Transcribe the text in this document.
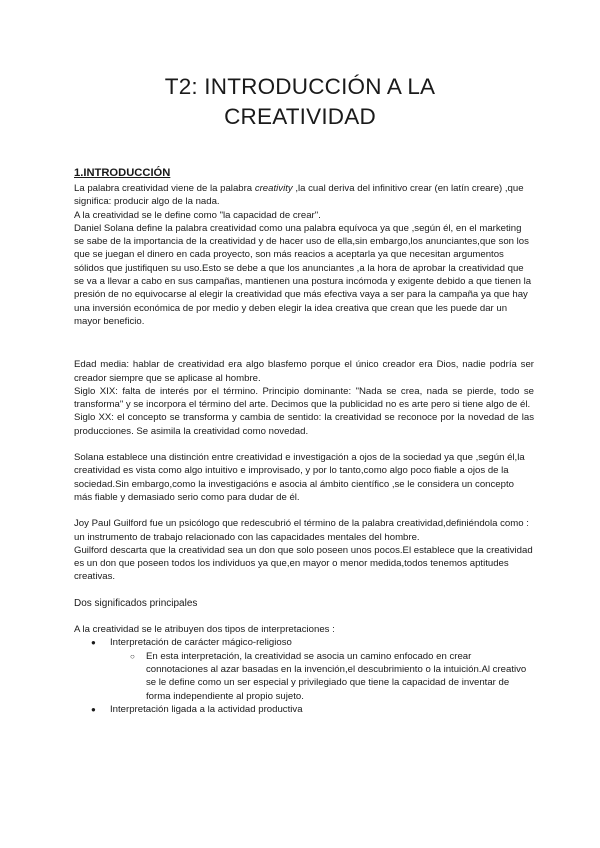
T2: INTRODUCCIÓN A LA
CREATIVIDAD
1.INTRODUCCIÓN

La palabra creatividad viene de la palabra creativity ,la cual deriva del infinitivo crear (en latín creare) ,que significa: producir algo de la nada.

A la creatividad se le define como "la capacidad de crear".

Daniel Solana define la palabra creatividad como una palabra equívoca ya que ,según él, en el marketing se sabe de la importancia de la creatividad y de hacer uso de ella,sin embargo,los anunciantes,que son los que se juegan el dinero en cada proyecto, son más reacios a aceptarla ya que necesitan argumentos sólidos que justifiquen su uso.Esto se debe a que los anunciantes ,a la hora de aprobar la creatividad que se va a llevar a cabo en sus campañas, mantienen una postura incómoda y exigente debido a que tienen la presión de no equivocarse al elegir la creatividad que más efectiva vaya a ser para la campaña ya que hay una inversión económica de por medio y deben elegir la idea creativa que crean que les puede dar un mayor beneficio.

Edad media: hablar de creatividad era algo blasfemo porque el único creador era Dios, nadie podría ser creador siempre que se aplicase al hombre.

Siglo XIX: falta de interés por el término. Principio dominante: "Nada se crea, nada se pierde, todo se transforma" y se incorpora el término del arte. Decimos que la publicidad no es arte pero si tiene algo de él.

Siglo XX: el concepto se transforma y cambia de sentido: la creatividad se reconoce por la novedad de las producciones. Se asimila la creatividad como novedad.

Solana establece una distinción entre creatividad e investigación a ojos de la sociedad ya que ,según él,la creatividad es vista como algo intuitivo e improvisado, y por lo tanto,como algo poco fiable a ojos de la sociedad.Sin embargo,como la investigacións e asocia al ámbito científico ,se le considera un concepto más fiable y demasiado serio como para dudar de él.

Joy Paul Guilford fue un psicólogo que redescubrió el término de la palabra creatividad,definiéndola como : un instrumento de trabajo relacionado con las capacidades mentales del hombre.

Guilford descarta que la creatividad sea un don que solo poseen unos pocos.El establece que la creatividad es un don que poseen todos los individuos ya que,en mayor o menor medida,todos tenemos aptitudes creativas.

Dos significados principales

A la creatividad se le atribuyen dos tipos de interpretaciones :

● Interpretación de carácter mágico-religioso
○ En esta interpretación, la creatividad se asocia un camino enfocado en crear connotaciones al azar basadas en la invención,el descubrimiento o la intuición.Al creativo se le define como un ser especial y privilegiado que tiene la capacidad de inventar de forma independiente al propio sujeto.
● Interpretación ligada a la actividad productiva
